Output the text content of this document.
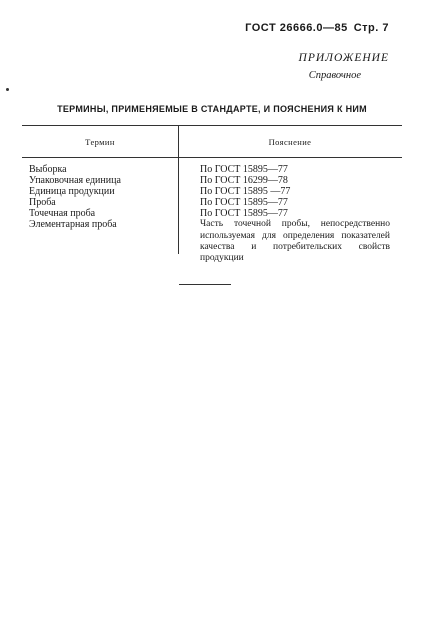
ГОСТ 26666.0—85 Стр. 7
ПРИЛОЖЕНИЕ
Справочное
ТЕРМИНЫ, ПРИМЕНЯЕМЫЕ В СТАНДАРТЕ, И ПОЯСНЕНИЯ К НИМ
Термин	Пояснение
Выборка
Упаковочная единица
Единица продукции
Проба
Точечная проба
Элементарная проба
По ГОСТ 15895—77
По ГОСТ 16299—78
По ГОСТ 15895 —77
По ГОСТ 15895—77
По ГОСТ 15895—77
Часть точечной пробы, непосредственно используемая для определения показателей качества и потребительских свойств продукции
